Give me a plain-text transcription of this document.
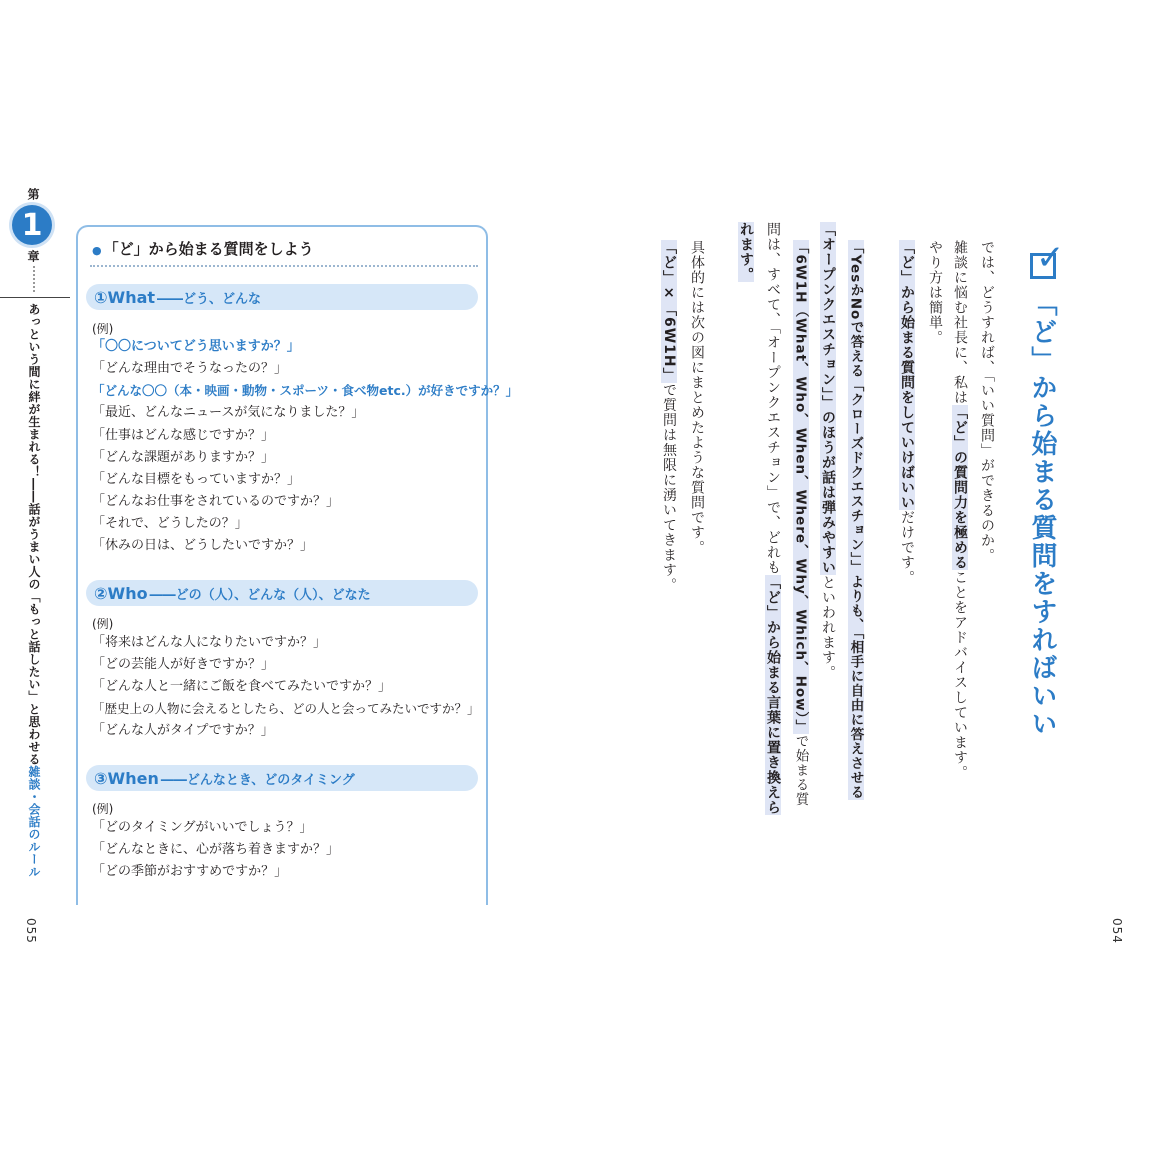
第
1
章
あっという間に絆が生まれる！――話がうまい人の「もっと話したい」と思わせる雑談・会話のルール
055
● 「ど」から始まる質問をしよう
①What ――どう、どんな
(例)
「〇〇についてどう思いますか？」
「どんな理由でそうなったの？」
「どんな〇〇（本・映画・動物・スポーツ・食べ物etc.）が好きですか？」
「最近、どんなニュースが気になりました？」
「仕事はどんな感じですか？」
「どんな課題がありますか？」
「どんな目標をもっていますか？」
「どんなお仕事をされているのですか？」
「それで、どうしたの？」
「休みの日は、どうしたいですか？」
②Who ――どの（人）、どんな（人）、どなた
(例)
「将来はどんな人になりたいですか？」
「どの芸能人が好きですか？」
「どんな人と一緒にご飯を食べてみたいですか？」
「歴史上の人物に会えるとしたら、どの人と会ってみたいですか？」
「どんな人がタイプですか？」
③When ――どんなとき、どのタイミング
(例)
「どのタイミングがいいでしょう？」
「どんなときに、心が落ち着きますか？」
「どの季節がおすすめですか？」
✓
「ど」から始まる質問をすればいい
では、どうすれば、「いい質問」ができるのか。
雑談に悩む社長に、私は「ど」の質問力を極めることをアドバイスしています。
やり方は簡単。
「ど」から始まる質問をしていけばいいだけです。
「YesかNoで答える「クローズドクエスチョン」」よりも、「相手に自由に答えさせる
「オープンクエスチョン」」のほうが話は弾みやすいといわれます。
「6W1H（What、Who、When、Where、Why、Which、How）」で始まる質
問は、すべて、「オープンクエスチョン」で、どれも「ど」から始まる言葉に置き換えら
れます。
具体的には次の図にまとめたような質問です。
「ど」×「6W1H」で質問は無限に湧いてきます。
054
